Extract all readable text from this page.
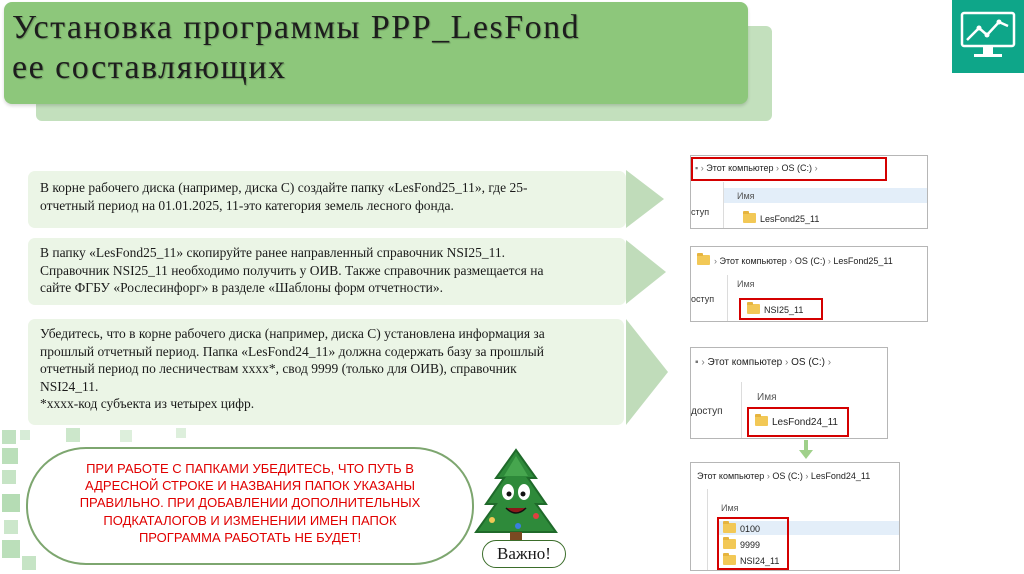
Установка программы PPP_LesFond
ее составляющих
В корне рабочего диска (например, диска С) создайте папку «LesFond25_11», где 25-
отчетный период на 01.01.2025, 11-это категория земель лесного фонда.
В папку «LesFond25_11» скопируйте ранее направленный справочник NSI25_11.
Справочник NSI25_11 необходимо получить у ОИВ. Также справочник размещается на
сайте ФГБУ «Рослесинфорг» в разделе «Шаблоны форм отчетности».
Убедитесь, что в корне рабочего диска (например, диска С) установлена информация за
прошлый отчетный период. Папка «LesFond24_11» должна содержать базу за прошлый
отчетный период по лесничествам хххх*, свод 9999 (только для ОИВ), справочник
NSI24_11.
*хххх-код субъекта из четырех цифр.
▪ › Этот компьютер › OS (C:) ›
Имя
ступ
LesFond25_11
› Этот компьютер › OS (C:) › LesFond25_11
Имя
оступ
NSI25_11
▪ › Этот компьютер › OS (C:) ›
Имя
доступ
LesFond24_11
Этот компьютер › OS (C:) › LesFond24_11
Имя
0100
9999
NSI24_11
ПРИ РАБОТЕ С ПАПКАМИ УБЕДИТЕСЬ, ЧТО ПУТЬ В
АДРЕСНОЙ СТРОКЕ И НАЗВАНИЯ ПАПОК УКАЗАНЫ
ПРАВИЛЬНО. ПРИ ДОБАВЛЕНИИ ДОПОЛНИТЕЛЬНЫХ
ПОДКАТАЛОГОВ И ИЗМЕНЕНИИ ИМЕН ПАПОК
ПРОГРАММА РАБОТАТЬ НЕ БУДЕТ!
Важно!
